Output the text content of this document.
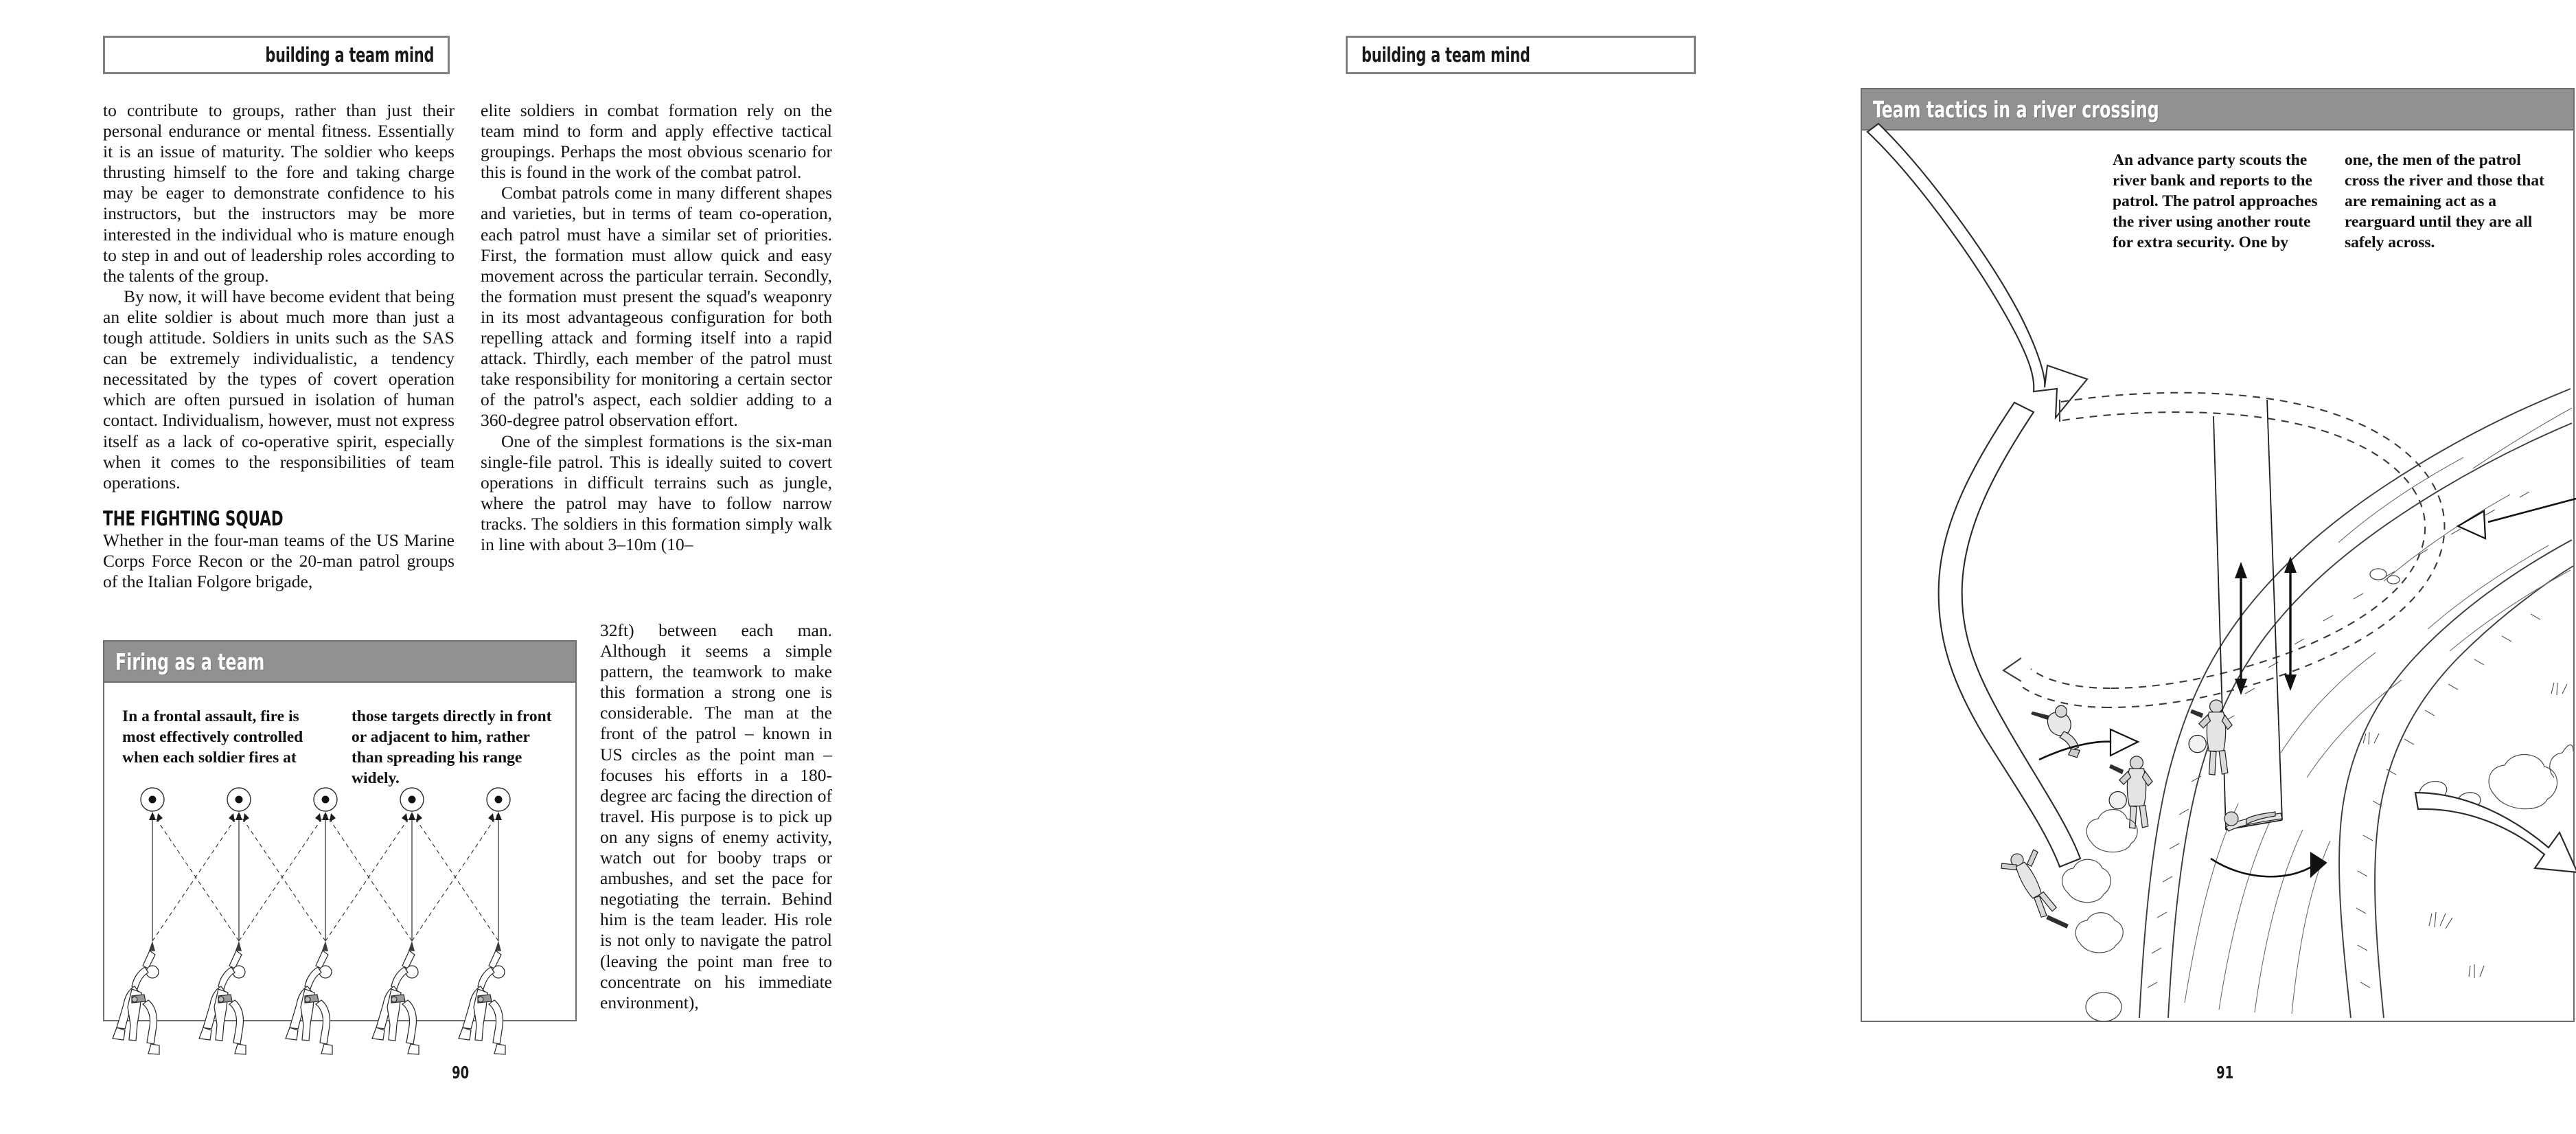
building a team mind

to contribute to groups, rather than just their personal endurance or mental fitness. Essentially it is an issue of maturity. The soldier who keeps thrusting himself to the fore and taking charge may be eager to demonstrate confidence to his instructors, but the instructors may be more interested in the individual who is mature enough to step in and out of leadership roles according to the talents of the group.

By now, it will have become evident that being an elite soldier is about much more than just a tough attitude. Soldiers in units such as the SAS can be extremely individualistic, a tendency necessitated by the types of covert operation which are often pursued in isolation of human contact. Individualism, however, must not express itself as a lack of co-operative spirit, especially when it comes to the responsibilities of team operations.

THE FIGHTING SQUAD

Whether in the four-man teams of the US Marine Corps Force Recon or the 20-man patrol groups of the Italian Folgore brigade,

elite soldiers in combat formation rely on the team mind to form and apply effective tactical groupings. Perhaps the most obvious scenario for this is found in the work of the combat patrol.

Combat patrols come in many different shapes and varieties, but in terms of team co-operation, each patrol must have a similar set of priorities. First, the formation must allow quick and easy movement across the particular terrain. Secondly, the formation must present the squad's weaponry in its most advantageous configuration for both repelling attack and forming itself into a rapid attack. Thirdly, each member of the patrol must take responsibility for monitoring a certain sector of the patrol's aspect, each soldier adding to a 360-degree patrol observation effort.

One of the simplest formations is the six-man single-file patrol. This is ideally suited to covert operations in difficult terrains such as jungle, where the patrol may have to follow narrow tracks. The soldiers in this formation simply walk in line with about 3–10m (10–

32ft) between each man. Although it seems a simple pattern, the teamwork to make this formation a strong one is considerable. The man at the front of the patrol – known in US circles as the point man – focuses his efforts in a 180-degree arc facing the direction of travel. His purpose is to pick up on any signs of enemy activity, watch out for booby traps or ambushes, and set the pace for negotiating the terrain. Behind him is the team leader. His role is not only to navigate the patrol (leaving the point man free to concentrate on his immediate environment),

Firing as a team
In a frontal assault, fire is most effectively controlled when each soldier fires at
those targets directly in front or adjacent to him, rather than spreading his range widely.
90
building a team mind
Team tactics in a river crossing
An advance party scouts the river bank and reports to the patrol. The patrol approaches the river using another route for extra security. One by
one, the men of the patrol cross the river and those that are remaining act as a rearguard until they are all safely across.
91
